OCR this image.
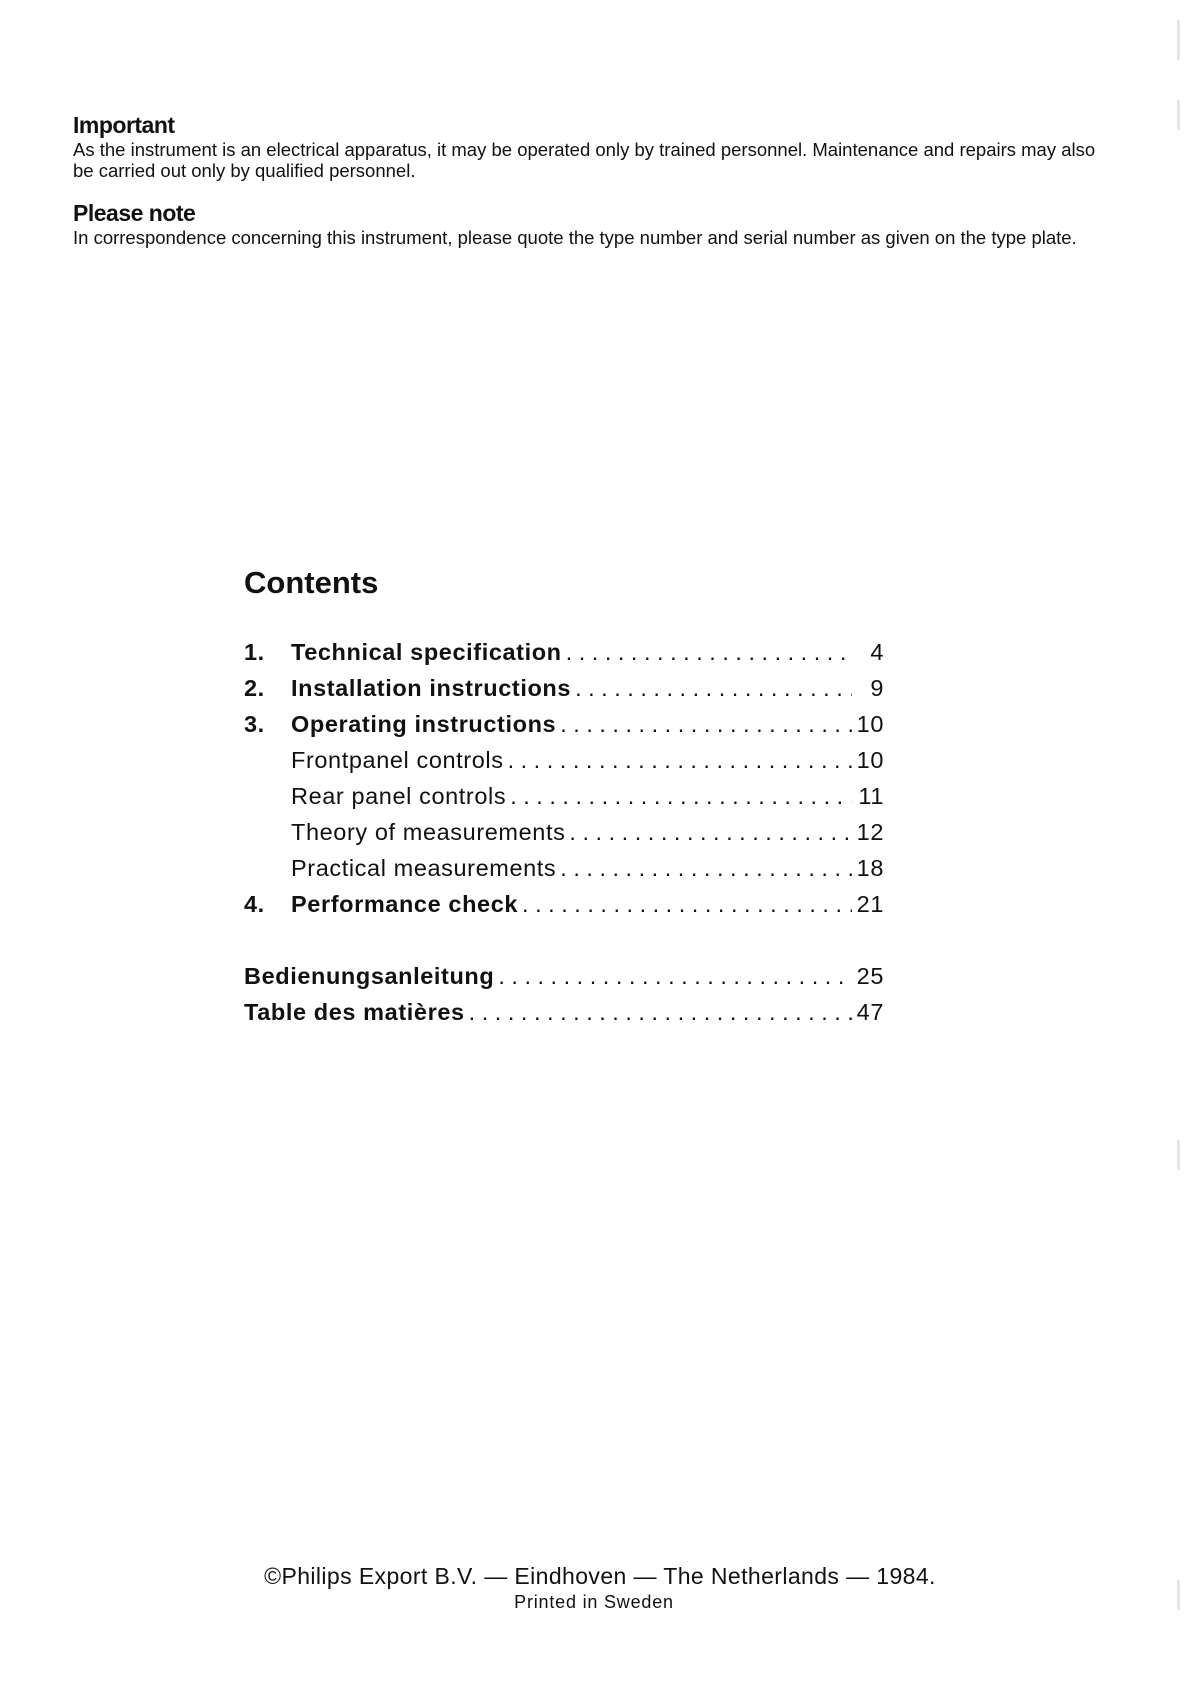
Important

As the instrument is an electrical apparatus, it may be operated only by trained personnel. Maintenance and repairs may also be carried out only by qualified personnel.

Please note

In correspondence concerning this instrument, please quote the type number and serial number as given on the type plate.

Contents
1.	Technical specification . . .	4
2.	Installation instructions . . .	9
3.	Operating instructions . . .	10
Frontpanel controls . . .	10
Rear panel controls . . .	11
Theory of measurements . . .	12
Practical measurements . . .	18
4.	Performance check . . .	21
Bedienungsanleitung . . .	25
Table des matières . . .	47
©Philips Export B.V. — Eindhoven — The Netherlands — 1984.
Printed in Sweden
